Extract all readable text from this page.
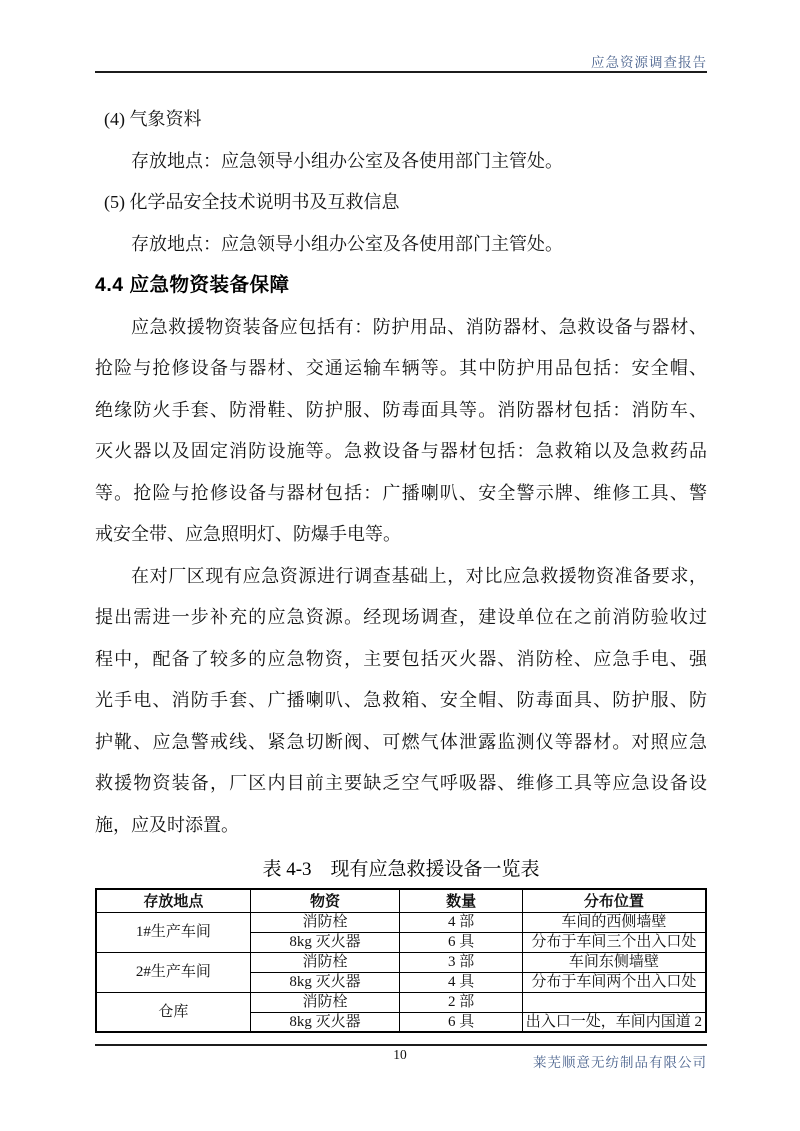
应急资源调查报告
(4) 气象资料
存放地点：应急领导小组办公室及各使用部门主管处。
(5) 化学品安全技术说明书及互救信息
存放地点：应急领导小组办公室及各使用部门主管处。
4.4 应急物资装备保障
应急救援物资装备应包括有：防护用品、消防器材、急救设备与器材、
抢险与抢修设备与器材、交通运输车辆等。其中防护用品包括：安全帽、
绝缘防火手套、防滑鞋、防护服、防毒面具等。消防器材包括：消防车、
灭火器以及固定消防设施等。急救设备与器材包括：急救箱以及急救药品
等。抢险与抢修设备与器材包括：广播喇叭、安全警示牌、维修工具、警
戒安全带、应急照明灯、防爆手电等。
在对厂区现有应急资源进行调查基础上，对比应急救援物资准备要求，
提出需进一步补充的应急资源。经现场调查，建设单位在之前消防验收过
程中，配备了较多的应急物资，主要包括灭火器、消防栓、应急手电、强
光手电、消防手套、广播喇叭、急救箱、安全帽、防毒面具、防护服、防
护靴、应急警戒线、紧急切断阀、可燃气体泄露监测仪等器材。对照应急
救援物资装备，厂区内目前主要缺乏空气呼吸器、维修工具等应急设备设
施，应及时添置。
表 4-3　现有应急救援设备一览表
存放地点	物资	数量	分布位置
1#生产车间	消防栓	4 部	车间的西侧墙壁
	8kg 灭火器	6 具	分布于车间三个出入口处
2#生产车间	消防栓	3 部	车间东侧墙壁
	8kg 灭火器	4 具	分布于车间两个出入口处
仓库	消防栓	2 部	
	8kg 灭火器	6 具	出入口一处，车间内国道 2
10
莱芜顺意无纺制品有限公司
